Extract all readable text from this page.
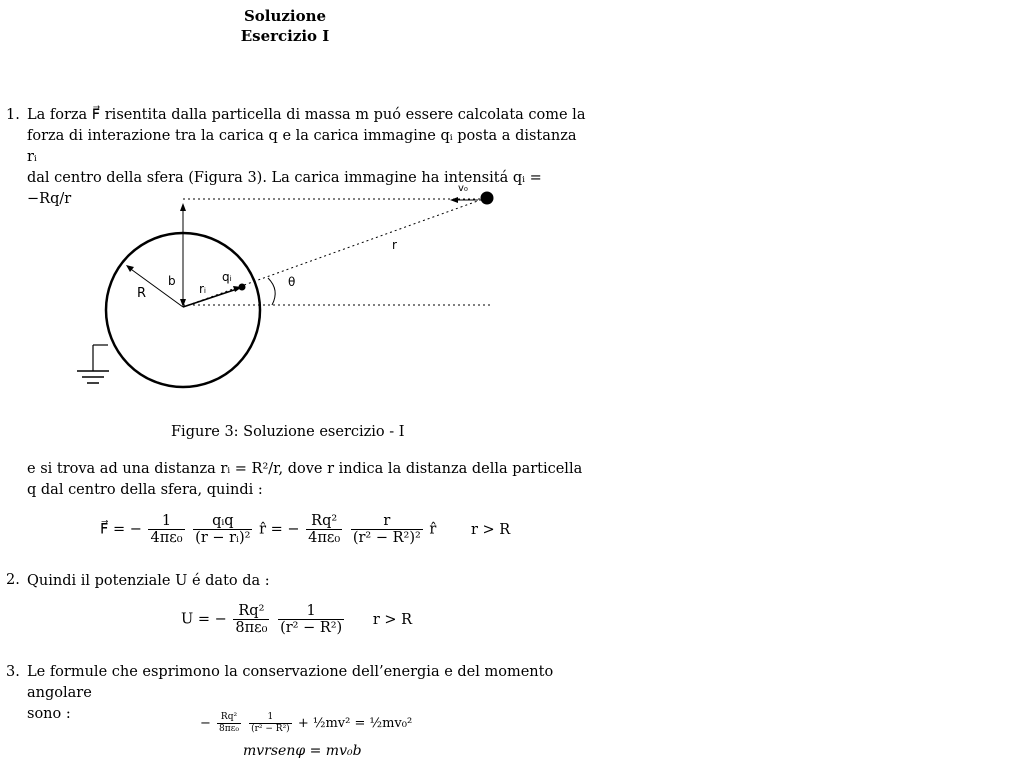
Soluzione
Esercizio I
1. La forza F⃗ risentita dalla particella di massa m puó essere calcolata come la
forza di interazione tra la carica q e la carica immagine qᵢ posta a distanza rᵢ
dal centro della sfera (Figura 3). La carica immagine ha intensitá qᵢ = −Rq/r
v₀
r
θ
R
b
rᵢ
qᵢ
Figure 3: Soluzione esercizio - I
e si trova ad una distanza rᵢ = R²/r, dove r indica la distanza della particella
q dal centro della sfera, quindi :
F⃗ = − $\frac{1}{\text{4πε₀}}$
$\frac{\text{qᵢq}}{\text{(r − rᵢ)²}}$ r̂ = − $\frac{\text{Rq²}}{\text{4πε₀}}$
$\frac{r}{\text{(r² − R²)²}}$ r̂ r > R
2. Quindi il potenziale U é dato da :
U = − $\frac{\text{Rq²}}{\text{8πε₀}}$
$\frac{1}{\text{(r² − R²)}}$ r > R
3. Le formule che esprimono la conservazione dell’energia e del momento angolare
sono :
− $\frac{\text{Rq²}}{\text{8πε₀}}$
$\frac{1}{\text{(r² − R²)}}$ + ½mv² = ½mv₀²
mvrsenφ = mv₀b
